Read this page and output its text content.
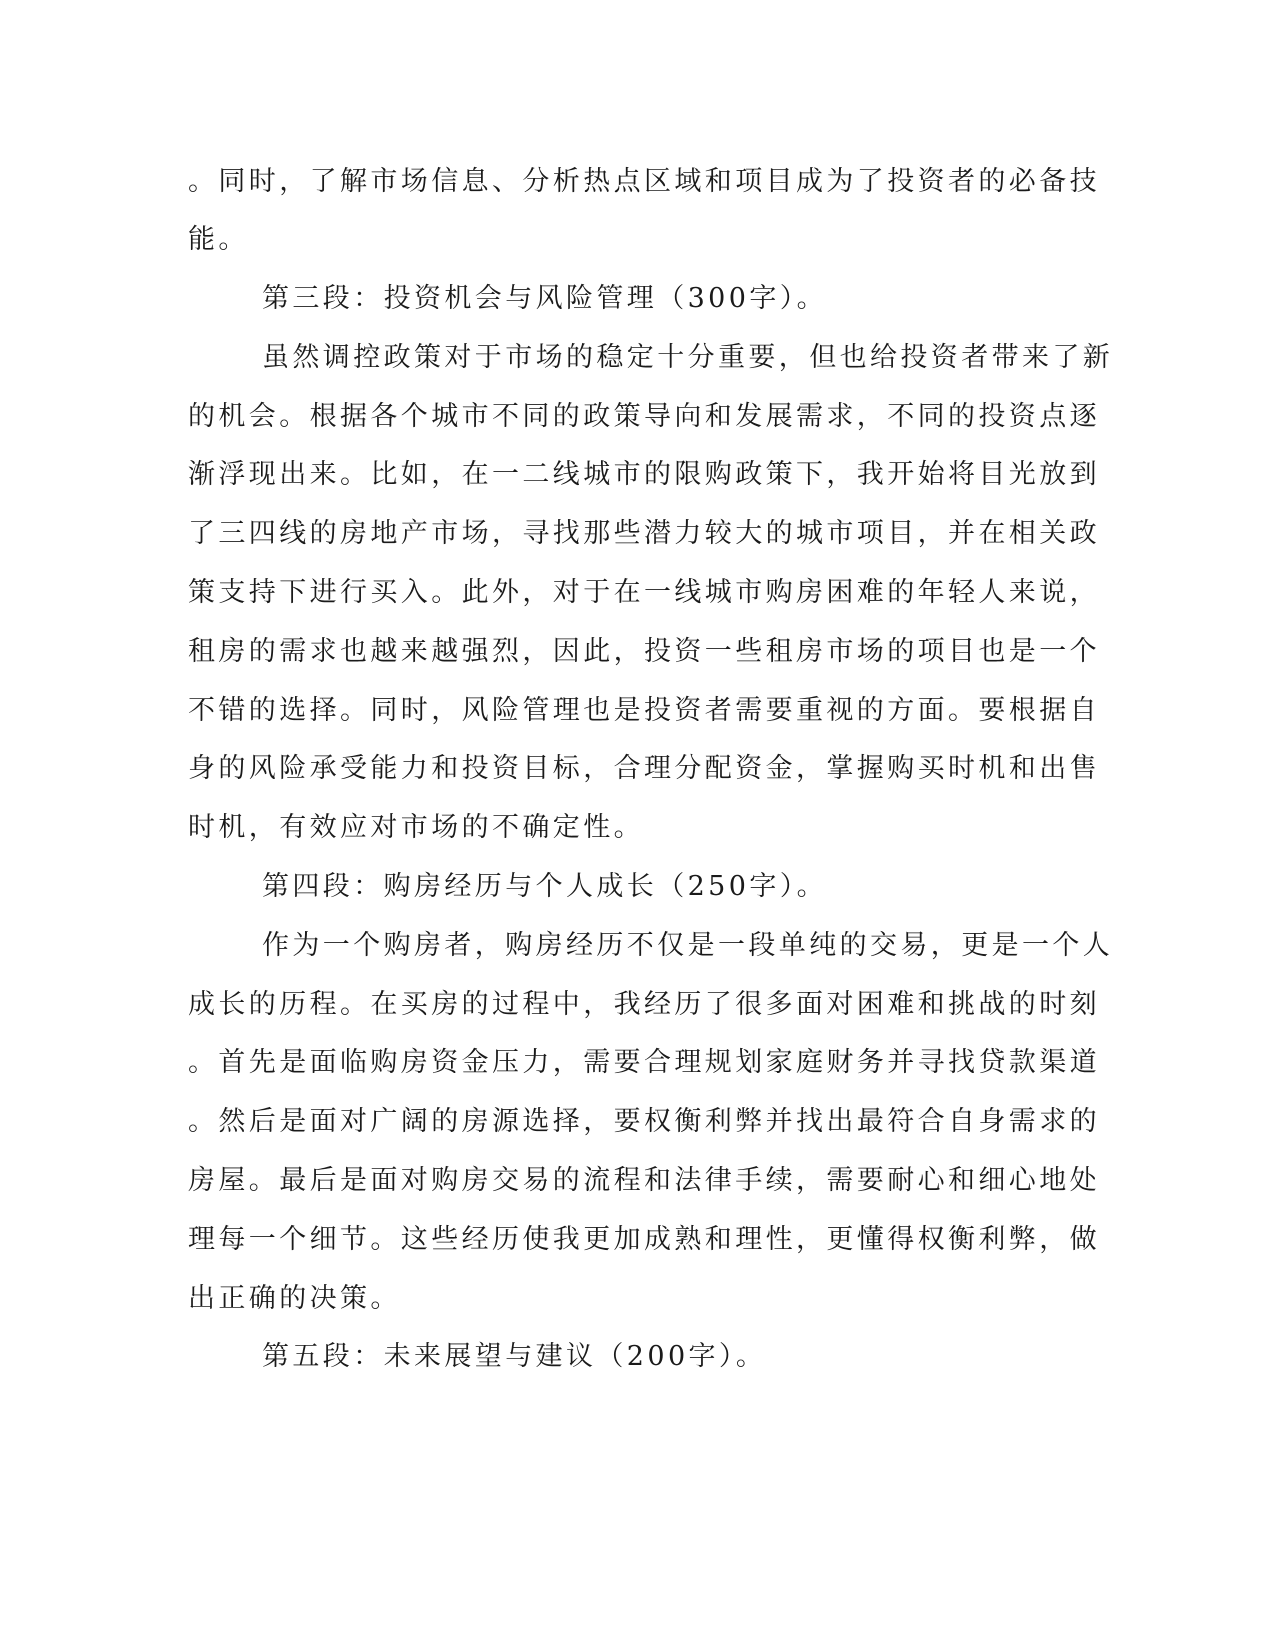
。同时，了解市场信息、分析热点区域和项目成为了投资者的必备技
能。
第三段：投资机会与风险管理（300字）。
虽然调控政策对于市场的稳定十分重要，但也给投资者带来了新
的机会。根据各个城市不同的政策导向和发展需求，不同的投资点逐
渐浮现出来。比如，在一二线城市的限购政策下，我开始将目光放到
了三四线的房地产市场，寻找那些潜力较大的城市项目，并在相关政
策支持下进行买入。此外，对于在一线城市购房困难的年轻人来说，
租房的需求也越来越强烈，因此，投资一些租房市场的项目也是一个
不错的选择。同时，风险管理也是投资者需要重视的方面。要根据自
身的风险承受能力和投资目标，合理分配资金，掌握购买时机和出售
时机，有效应对市场的不确定性。
第四段：购房经历与个人成长（250字）。
作为一个购房者，购房经历不仅是一段单纯的交易，更是一个人
成长的历程。在买房的过程中，我经历了很多面对困难和挑战的时刻
。首先是面临购房资金压力，需要合理规划家庭财务并寻找贷款渠道
。然后是面对广阔的房源选择，要权衡利弊并找出最符合自身需求的
房屋。最后是面对购房交易的流程和法律手续，需要耐心和细心地处
理每一个细节。这些经历使我更加成熟和理性，更懂得权衡利弊，做
出正确的决策。
第五段：未来展望与建议（200字）。
